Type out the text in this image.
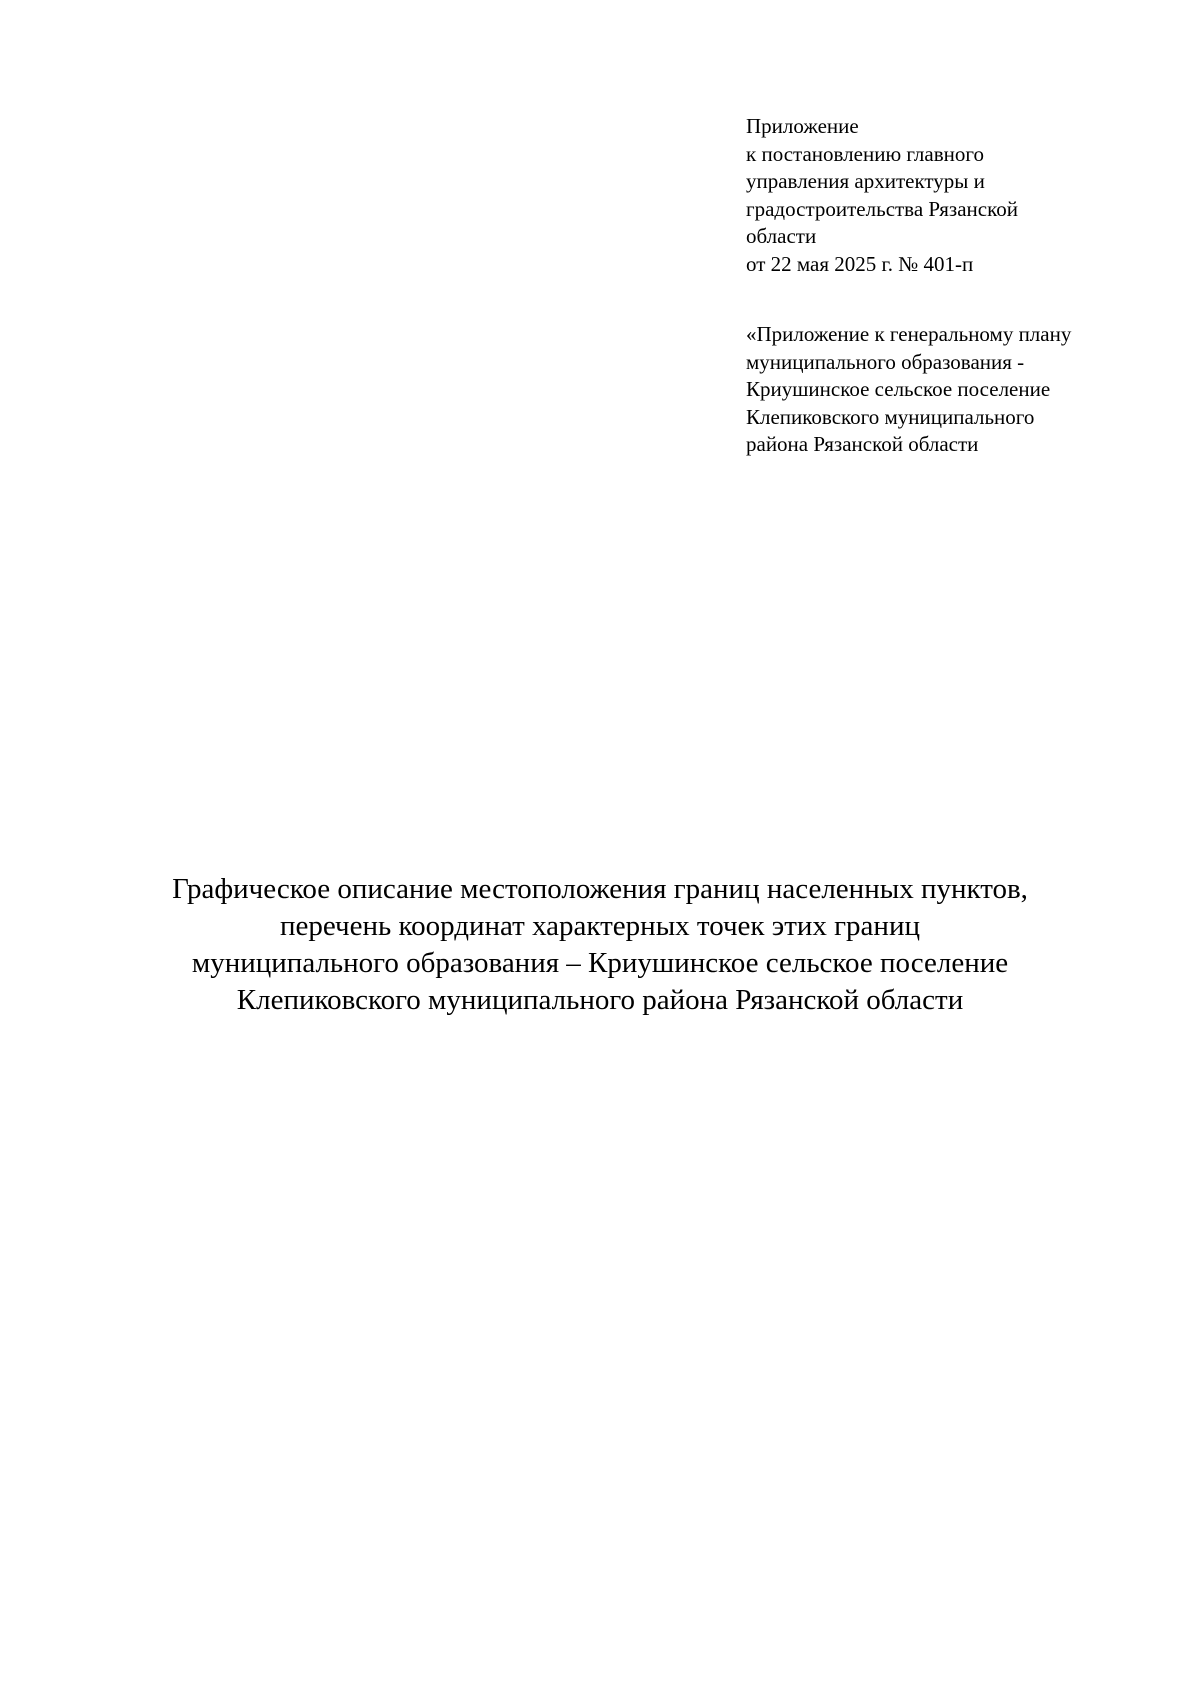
Приложение
к постановлению главного
управления архитектуры и
градостроительства Рязанской
области
от 22 мая 2025 г. № 401-п
«Приложение к генеральному плану
муниципального образования -
Криушинское сельское поселение
Клепиковского муниципального
района Рязанской области
Графическое описание местоположения границ населенных пунктов,
перечень координат характерных точек этих границ
муниципального образования – Криушинское сельское поселение
Клепиковского муниципального района Рязанской области
